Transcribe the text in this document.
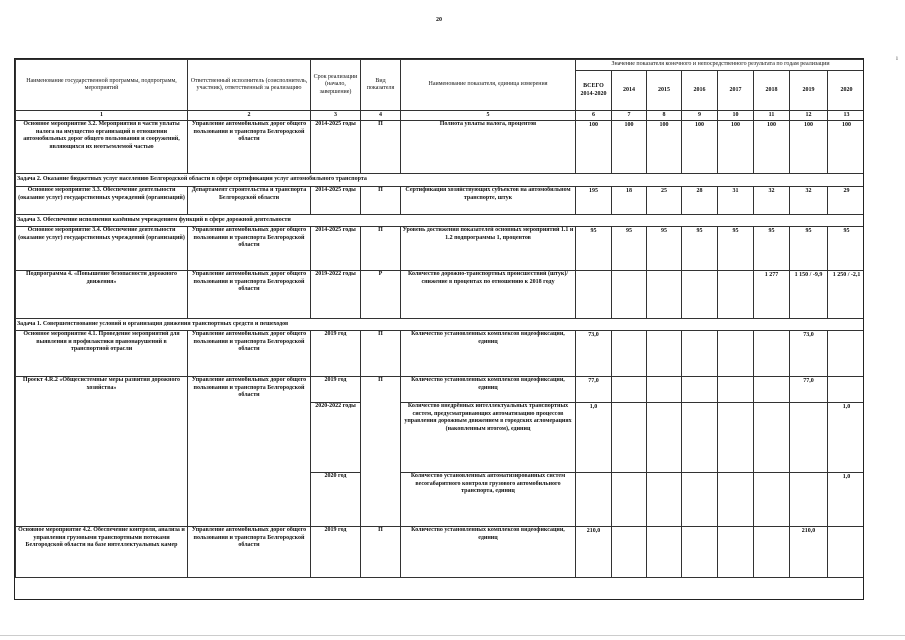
20
ı
Наименование государственной программы, подпрограмм, мероприятий	Ответственный исполнитель (соисполнитель, участник), ответственный за реализацию	Срок реализации (начало, завершение)	Вид показателя	Наименование показателя, единица измерения	Значение показателя конечного и непосредственного результата по годам реализации							
					ВСЕГО 2014-2020	2014	2015	2016	2017	2018	2019	2020
1	2	3	4	5	6	7	8	9	10	11	12	13
Основное мероприятие 3.2. Мероприятия в части уплаты налога на имущество организаций в отношении автомобильных дорог общего пользования и сооружений, являющихся их неотъемлемой частью	Управление автомобильных дорог общего пользования и транспорта Белгородской области	2014-2025 годы	П	Полнота уплаты налога, процентов	100	100	100	100	100	100	100	100
Задача 2. Оказание бюджетных услуг населению Белгородской области в сфере сертификации услуг автомобильного транспорта												
Основное мероприятие 3.3. Обеспечение деятельности (оказание услуг) государственных учреждений (организаций)	Департамент строительства и транспорта Белгородской области	2014-2025 годы	П	Сертификация хозяйствующих субъектов на автомобильном транспорте, штук	195	18	25	28	31	32	32	29
Задача 3. Обеспечение исполнения казённым учреждением функций в сфере дорожной деятельности												
Основное мероприятие 3.4. Обеспечение деятельности (оказание услуг) государственных учреждений (организаций)	Управление автомобильных дорог общего пользования и транспорта Белгородской области	2014-2025 годы	П	Уровень достижения показателей основных мероприятий 1.1 и 1.2 подпрограммы 1, процентов	95	95	95	95	95	95	95	95
Подпрограмма 4. «Повышение безопасности дорожного движения»	Управление автомобильных дорог общего пользования и транспорта Белгородской области	2019-2022 годы	Р	Количество дорожно-транспортных происшествий (штук)/снижение в процентах по отношению к 2018 году						1 277	1 150 / -9,9	1 250 / -2,1
Задача 1. Совершенствование условий и организация движения транспортных средств и пешеходов												
Основное мероприятие 4.1. Проведение мероприятий для выявления и профилактики правонарушений в транспортной отрасли	Управление автомобильных дорог общего пользования и транспорта Белгородской области	2019 год	П	Количество установленных комплексов видеофиксации, единиц	73,0						73,0	
Проект 4.R.2 «Общесистемные меры развития дорожного хозяйства»	Управление автомобильных дорог общего пользования и транспорта Белгородской области	2019 год	П	Количество установленных комплексов видеофиксации, единиц	77,0						77,0	
		2020-2022 годы		Количество внедрённых интеллектуальных транспортных систем, предусматривающих автоматизацию процессов управления дорожным движением в городских агломерациях (накопленным итогом), единиц	1,0							1,0
		2020 год		Количество установленных автоматизированных систем весогабаритного контроля грузового автомобильного транспорта, единиц								1,0
Основное мероприятие 4.2. Обеспечение контроля, анализа и управления грузовыми транспортными потоками Белгородской области на базе интеллектуальных камер	Управление автомобильных дорог общего пользования и транспорта Белгородской области	2019 год	П	Количество установленных комплексов видеофиксации, единиц	210,0						210,0	
